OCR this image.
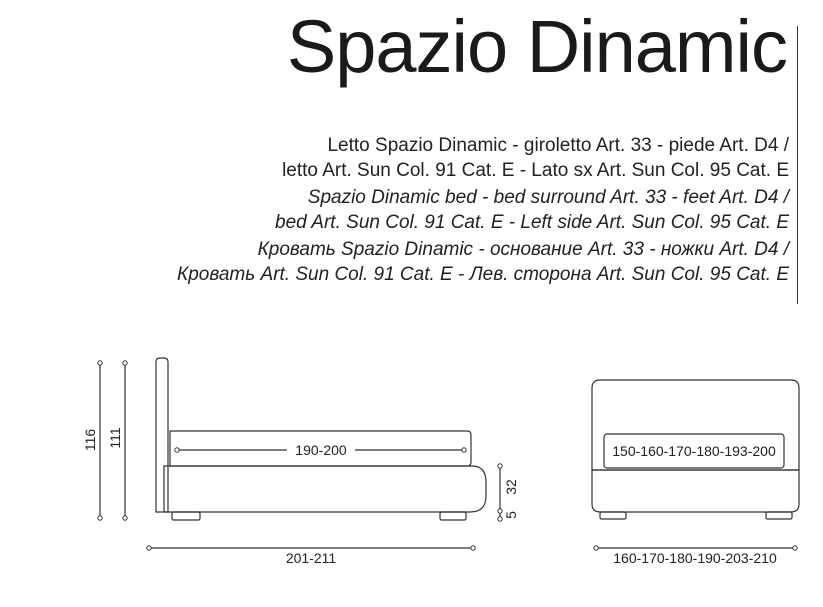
Spazio Dinamic
Letto Spazio Dinamic - giroletto Art. 33 - piede Art. D4 /
letto Art. Sun Col. 91 Cat. E - Lato sx Art. Sun Col. 95 Cat. E
Spazio Dinamic bed - bed surround Art. 33 - feet Art. D4 /
bed Art. Sun Col. 91 Cat. E - Left side Art. Sun Col. 95 Cat. E
Кровать Spazio Dinamic - основание Art. 33 - ножки Art. D4 /
Кровать Art. Sun Col. 91 Cat. E - Лев. сторона Art. Sun Col. 95 Cat. E
116 111
32
5
190-200
201-211
150-160-170-180-193-200
160-170-180-190-203-210
